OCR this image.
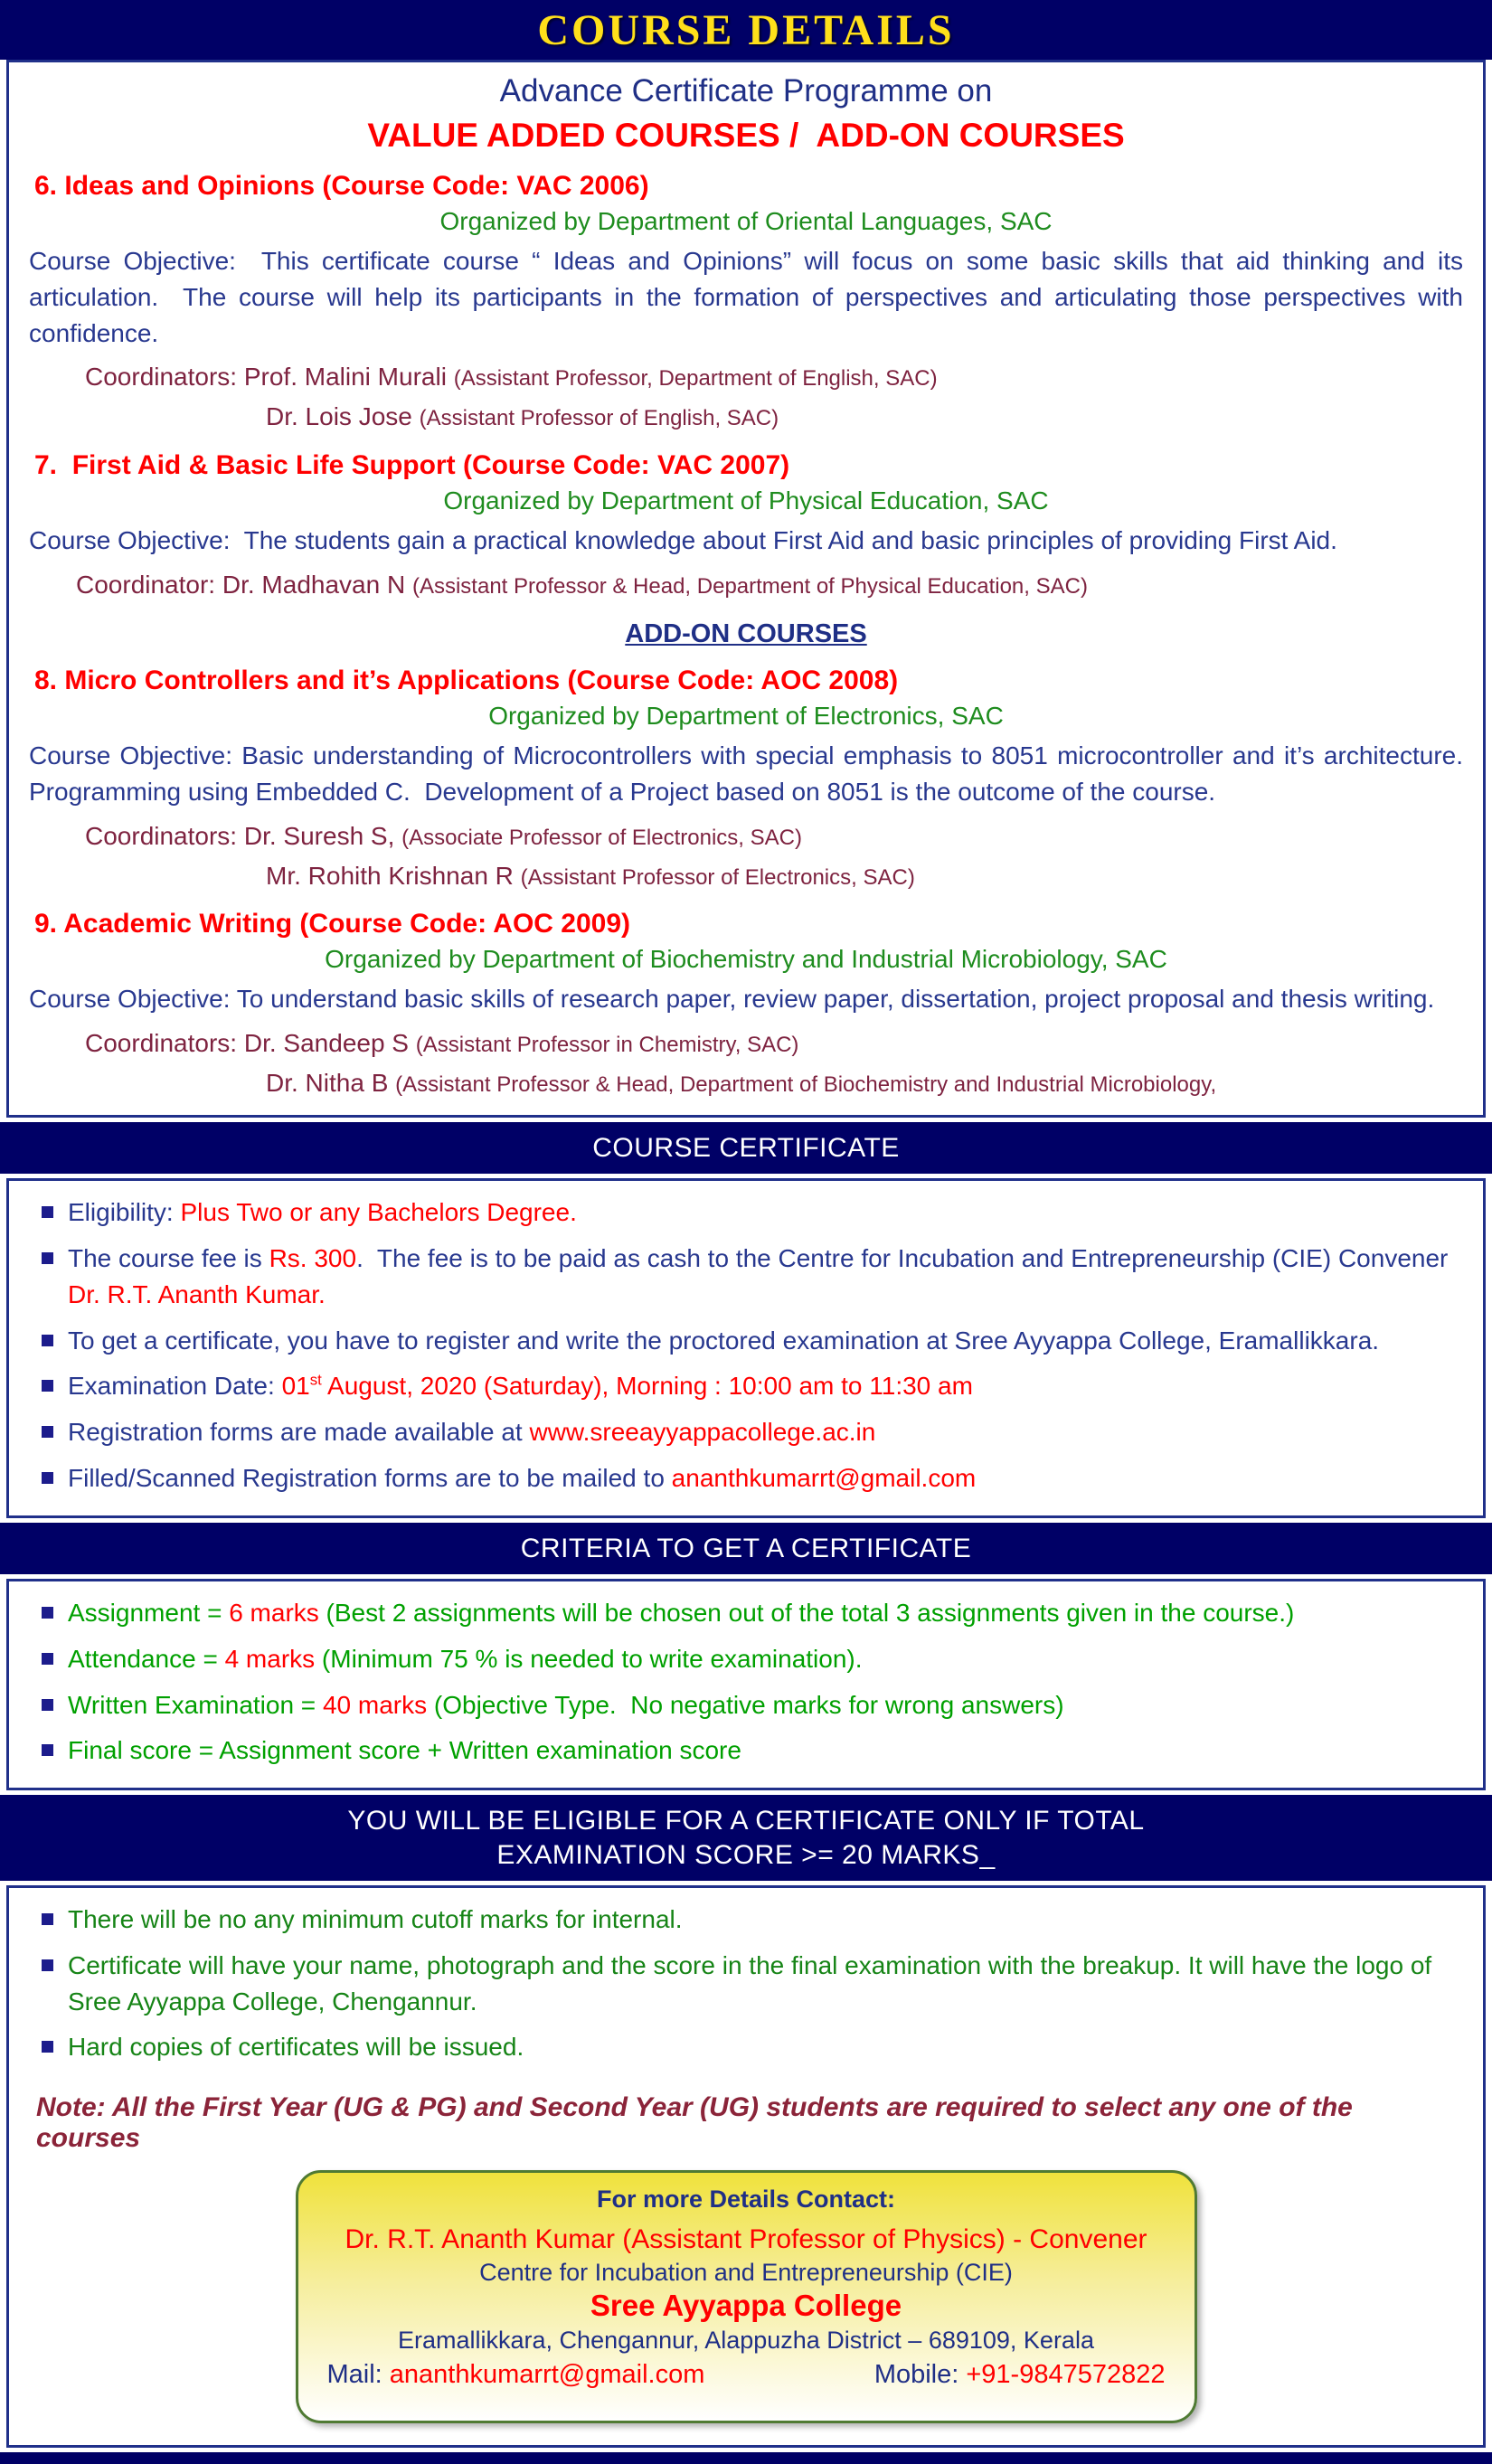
COURSE DETAILS
Advance Certificate Programme on
VALUE ADDED COURSES /  ADD-ON COURSES
6. Ideas and Opinions (Course Code: VAC 2006)
Organized by Department of Oriental Languages, SAC

Course Objective:  This certificate course “ Ideas and Opinions” will focus on some basic skills that aid thinking and its articulation.  The course will help its participants in the formation of perspectives and articulating those perspectives with confidence.

Coordinators: Prof. Malini Murali (Assistant Professor, Department of English, SAC)
Dr. Lois Jose (Assistant Professor of English, SAC)
7.  First Aid & Basic Life Support (Course Code: VAC 2007)
Organized by Department of Physical Education, SAC

Course Objective:  The students gain a practical knowledge about First Aid and basic principles of providing First Aid.

Coordinator: Dr. Madhavan N (Assistant Professor & Head, Department of Physical Education, SAC)
ADD-ON COURSES
8. Micro Controllers and it’s Applications (Course Code: AOC 2008)
Organized by Department of Electronics, SAC

Course Objective: Basic understanding of Microcontrollers with special emphasis to 8051 microcontroller and it’s architecture.  Programming using Embedded C.  Development of a Project based on 8051 is the outcome of the course.

Coordinators: Dr. Suresh S, (Associate Professor of Electronics, SAC)
Mr. Rohith Krishnan R (Assistant Professor of Electronics, SAC)
9. Academic Writing (Course Code: AOC 2009)
Organized by Department of Biochemistry and Industrial Microbiology, SAC

Course Objective: To understand basic skills of research paper, review paper, dissertation, project proposal and thesis writing.

Coordinators: Dr. Sandeep S (Assistant Professor in Chemistry, SAC)
Dr. Nitha B (Assistant Professor & Head, Department of Biochemistry and Industrial Microbiology,
COURSE CERTIFICATE
Eligibility: Plus Two or any Bachelors Degree.
The course fee is Rs. 300.  The fee is to be paid as cash to the Centre for Incubation and Entrepreneurship (CIE) Convener Dr. R.T. Ananth Kumar.
To get a certificate, you have to register and write the proctored examination at Sree Ayyappa College, Eramallikkara.
Examination Date: 01st August, 2020 (Saturday), Morning : 10:00 am to 11:30 am
Registration forms are made available at www.sreeayyappacollege.ac.in
Filled/Scanned Registration forms are to be mailed to ananthkumarrt@gmail.com
CRITERIA TO GET A CERTIFICATE
Assignment = 6 marks (Best 2 assignments will be chosen out of the total 3 assignments given in the course.)
Attendance = 4 marks (Minimum 75 % is needed to write examination).
Written Examination = 40 marks (Objective Type.  No negative marks for wrong answers)
Final score = Assignment score + Written examination score
YOU WILL BE ELIGIBLE FOR A CERTIFICATE ONLY IF TOTAL
EXAMINATION SCORE >= 20 MARKS_
There will be no any minimum cutoff marks for internal.
Certificate will have your name, photograph and the score in the final examination with the breakup. It will have the logo of Sree Ayyappa College, Chengannur.
Hard copies of certificates will be issued.
Note: All the First Year (UG & PG) and Second Year (UG) students are required to select any one of the courses
For more Details Contact:
Dr. R.T. Ananth Kumar (Assistant Professor of Physics) - Convener
Centre for Incubation and Entrepreneurship (CIE)
Sree Ayyappa College
Eramallikkara, Chengannur, Alappuzha District – 689109, Kerala
Mail: ananthkumarrt@gmail.com	Mobile: +91-9847572822
